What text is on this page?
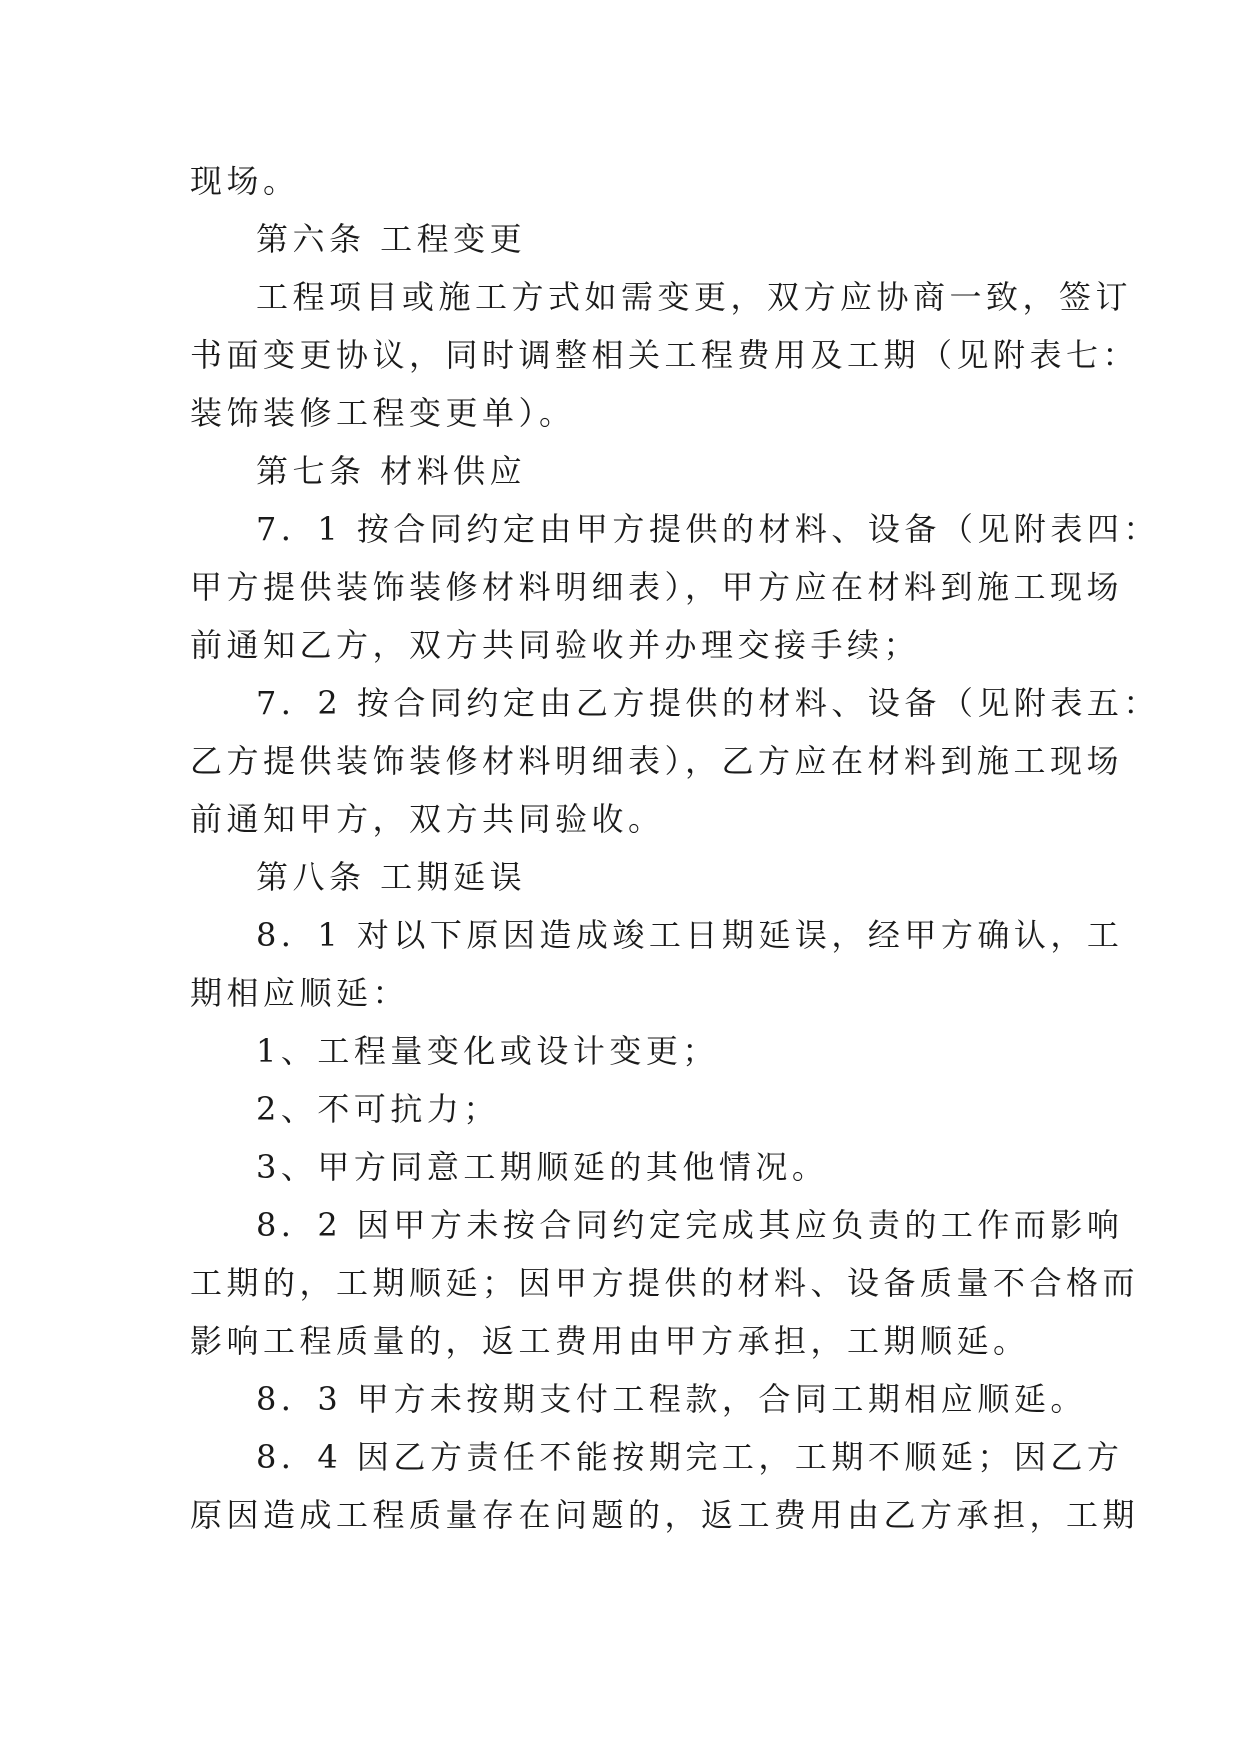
现场。
第六条 工程变更
工程项目或施工方式如需变更，双方应协商一致，签订
书面变更协议，同时调整相关工程费用及工期（见附表七：
装饰装修工程变更单）。
第七条 材料供应
7．1 按合同约定由甲方提供的材料、设备（见附表四：
甲方提供装饰装修材料明细表），甲方应在材料到施工现场
前通知乙方，双方共同验收并办理交接手续；
7．2 按合同约定由乙方提供的材料、设备（见附表五：
乙方提供装饰装修材料明细表），乙方应在材料到施工现场
前通知甲方，双方共同验收。
第八条 工期延误
8．1 对以下原因造成竣工日期延误，经甲方确认，工
期相应顺延：
1、工程量变化或设计变更；
2、不可抗力；
3、甲方同意工期顺延的其他情况。
8．2 因甲方未按合同约定完成其应负责的工作而影响
工期的，工期顺延；因甲方提供的材料、设备质量不合格而
影响工程质量的，返工费用由甲方承担，工期顺延。
8．3 甲方未按期支付工程款，合同工期相应顺延。
8．4 因乙方责任不能按期完工，工期不顺延；因乙方
原因造成工程质量存在问题的，返工费用由乙方承担，工期
